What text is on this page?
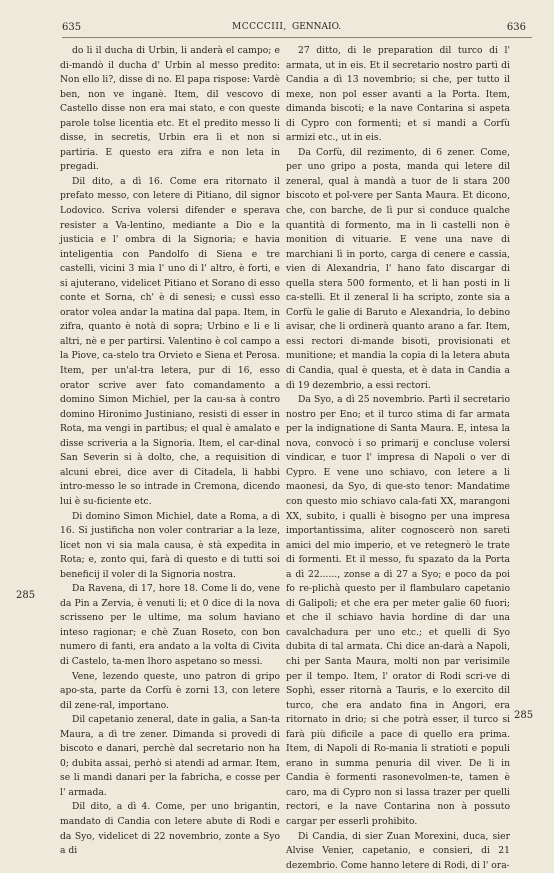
635	MCCCCIII, GENNAIO.	636

do li il ducha di Urbin, li anderà el campo; e di-mandò il ducha d' Urbin al messo predito: Non ello li?, disse di no. El papa rispose: Vardè ben, non ve inganè. Item, dil vescovo di Castello disse non era mai stato, e con queste parole tolse licentia etc. Et el predito messo li disse, in secretis, Urbin era li et non si partiria. E questo era zifra e non leta in pregadi.

Dil dito, a dì 16. Come era ritornato il prefato messo, con letere di Pitiano, dil signor Lodovico. Scriva volersi difender e sperava resister a Va-lentino, mediante a Dio e la justicia e l' ombra di la Signoria; e havia inteligentia con Pandolfo di Siena e tre castelli, vicini 3 mia l' uno di l' altro, è forti, e si ajuterano, videlicet Pitiano et Sorano di esso conte et Sorna, ch' è di senesi; e cussì esso orator volea andar la matina dal papa. Item, in zifra, quanto è notà di sopra; Urbino e li e li altri, nè e per partirsi. Valentino è col campo a la Piove, ca-stelo tra Orvieto e Siena et Perosa. Item, per un'al-tra letera, pur di 16, esso orator scrive aver fato comandamento a domino Simon Michiel, per la cau-sa à contro domino Hironimo Justiniano, resisti di esser in Rota, ma vengi in partibus; el qual è amalato e disse scriveria a la Signoria. Item, el car-dinal San Severin si à dolto, che, a requisition di alcuni ebrei, dice aver di Citadela, li habbi intro-messo le so intrade in Cremona, dicendo lui è su-ficiente etc.

Di domino Simon Michiel, date a Roma, a dì 16. Si justificha non voler contrariar a la leze, licet non vi sia mala causa, è stà expedita in Rota; e, zonto qui, farà di questo e di tutti soi beneficij il voler di la Signoria nostra.

Da Ravena, di 17, hore 18. Come li do, vene da Pin a Zervia, è venuti li; et 0 dice di la nova scrisseno per le ultime, ma solum haviano inteso ragionar; e chè Zuan Roseto, con bon numero di fanti, era andato a la volta di Civita di Castelo, ta-men lhoro aspetano so messi.

Vene, lezendo queste, uno patron di gripo apo-sta, parte da Corfù è zorni 13, con letere dil zene-ral, importano.

Dil capetanio zeneral, date in galia, a San-ta Maura, a dì tre zener. Dimanda si provedi di biscoto e danari, perchè dal secretario non ha 0; dubita assai, perhò si atendi ad armar. Item, se li mandi danari per la fabricha, e cosse per l' armada.

Dil dito, a dì 4. Come, per uno brigantin, mandato di Candia con letere abute di Rodi e da Syo, videlicet di 22 novembrio, zonte a Syo a di

27 ditto, di le preparation dil turco di l' armata, ut in eis. Et il secretario nostro partì di Candia a dì 13 novembrio; si che, per tutto il mexe, non pol esser avanti a la Porta. Item, dimanda biscoti; e la nave Contarina si aspeta di Cypro con formenti; et si mandi a Corfù armizi etc., ut in eis.

Da Corfù, dil rezimento, di 6 zener. Come, per uno gripo a posta, manda qui letere dil zeneral, qual à mandà a tuor de li stara 200 biscoto et pol-vere per Santa Maura. Et dicono, che, con barche, de lì pur si conduce qualche quantità di formento, ma in li castelli non è monition di vituarie. E vene una nave di marchiani lì in porto, carga di cenere e cassia, vien di Alexandria, l' hano fato discargar di quella stera 500 formento, et li han posti in li ca-stelli. Et il zeneral li ha scripto, zonte sia a Corfù le galie di Baruto e Alexandria, lo debino avisar, che li ordinerà quanto arano a far. Item, essi rectori di-mande bisoti, provisionati et munitione; et mandia la copia di la letera abuta di Candia, qual è questa, et è data in Candia a dì 19 dezembrio, a essi rectori.

Da Syo, a dì 25 novembrio. Partì il secretario nostro per Eno; et il turco stima di far armata per la indignatione di Santa Maura. E, intesa la nova, convocò i so primarij e concluse volersi vindicar, e tuor l' impresa di Napoli o ver di Cypro. E vene uno schiavo, con letere a li maonesi, da Syo, di que-sto tenor: Mandatime con questo mio schiavo cala-fati XX, marangoni XX, subito, i qualli è bisogno per una impresa importantissima, aliter cognoscerò non sareti amici del mio imperio, et ve retegnerò le trate di formenti. Et il messo, fu spazato da la Porta a dì 22......, zonse a dì 27 a Syo; e poco da poi fo re-plichà questo per il flambularo capetanio di Galipoli; et che era per meter galie 60 fuori; et che il schiavo havia hordine di dar una cavalchadura per uno etc.; et quelli di Syo dubita di tal armata. Chi dice an-darà a Napoli, chi per Santa Maura, molti non par verisimile per il tempo. Item, l' orator di Rodi scri-ve di Sophì, esser ritornà a Tauris, e lo exercito dil turco, che era andato fina in Angori, era ritornato in drio; si che potrà esser, il turco si farà più dificile a pace di quello era prima. Item, di Napoli di Ro-mania li stratioti e populi erano in summa penuria dil viver. De li in Candia è formenti rasonevolmen-te, tamen è caro, ma di Cypro non si lassa trazer per quelli rectori, e la nave Contarina non à possuto cargar per esserli prohibito.

Di Candia, di sier Zuan Morexini, duca, sier Alvise Venier, capetanio, e consieri, di 21 dezembrio. Come hanno letere di Rodi, di l' ora-

285
285
